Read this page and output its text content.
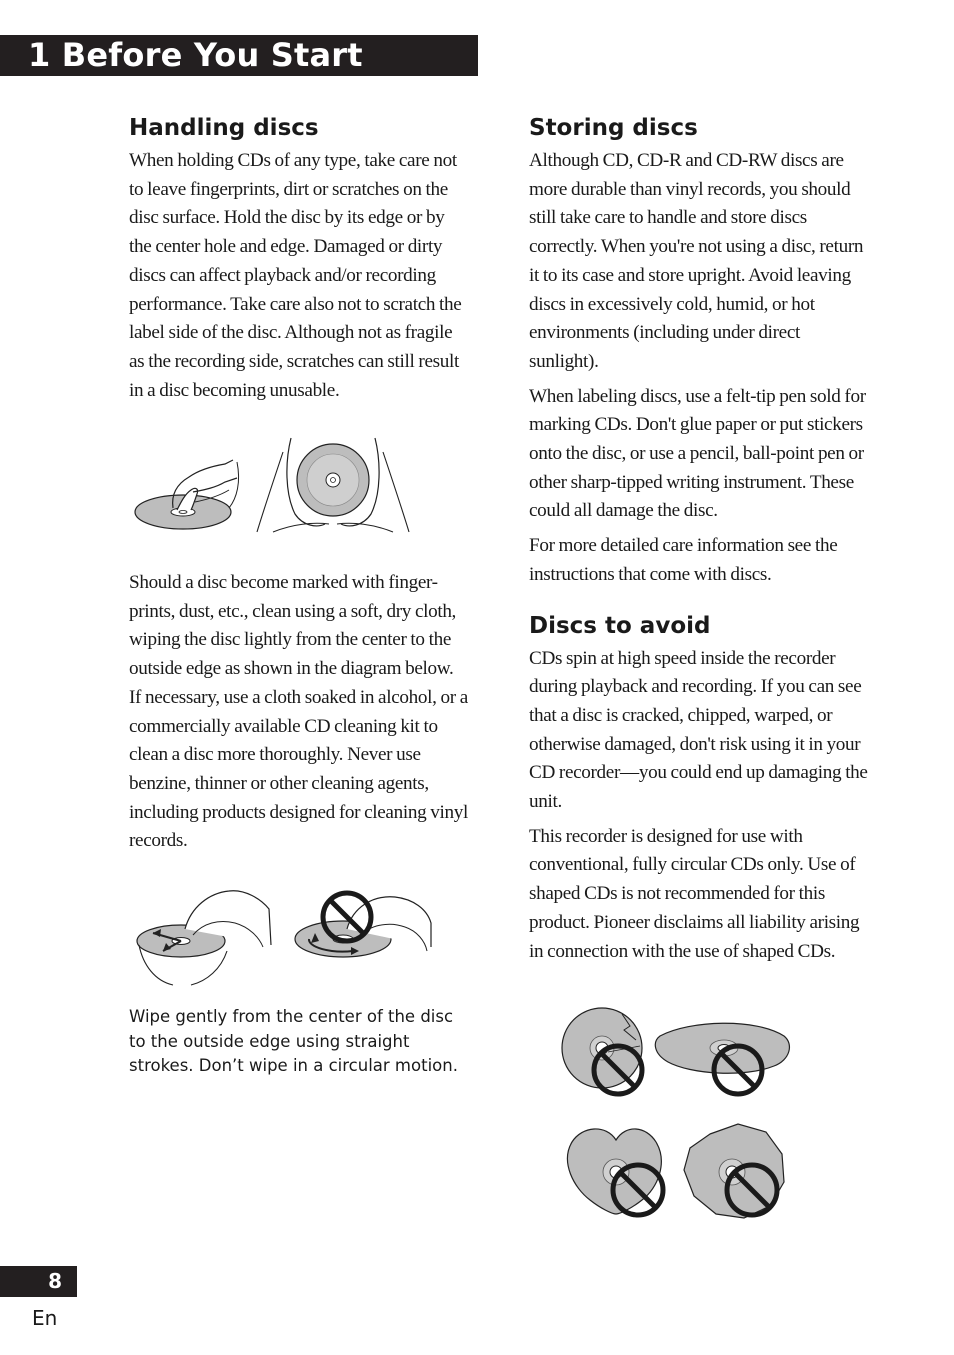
1 Before You Start
Handling discs

When holding CDs of any type, take care not to leave fingerprints, dirt or scratches on the disc surface. Hold the disc by its edge or by the center hole and edge. Damaged or dirty discs can affect playback and/or recording performance. Take care also not to scratch the label side of the disc. Although not as fragile as the recording side, scratches can still result in a disc becoming unusable.

Should a disc become marked with finger-prints, dust, etc., clean using a soft, dry cloth, wiping the disc lightly from the center to the outside edge as shown in the diagram below. If necessary, use a cloth soaked in alcohol, or a commercially available CD cleaning kit to clean a disc more thoroughly. Never use benzine, thinner or other cleaning agents, including products designed for cleaning vinyl records.

Wipe gently from the center of the disc to the outside edge using straight strokes. Don’t wipe in a circular motion.
Storing discs

Although CD, CD-R and CD-RW discs are more durable than vinyl records, you should still take care to handle and store discs correctly. When you're not using a disc, return it to its case and store upright. Avoid leaving discs in excessively cold, humid, or hot environments (including under direct sunlight).

When labeling discs, use a felt-tip pen sold for marking CDs. Don't glue paper or put stickers onto the disc, or use a pencil, ball-point pen or other sharp-tipped writing instrument. These could all damage the disc.

For more detailed care information see the instructions that come with discs.

Discs to avoid

CDs spin at high speed inside the recorder during playback and recording. If you can see that a disc is cracked, chipped, warped, or otherwise damaged, don't risk using it in your CD recorder—you could end up damaging the unit.

This recorder is designed for use with conventional, fully circular CDs only. Use of shaped CDs is not recommended for this product. Pioneer disclaims all liability arising in connection with the use of shaped CDs.

8
En
